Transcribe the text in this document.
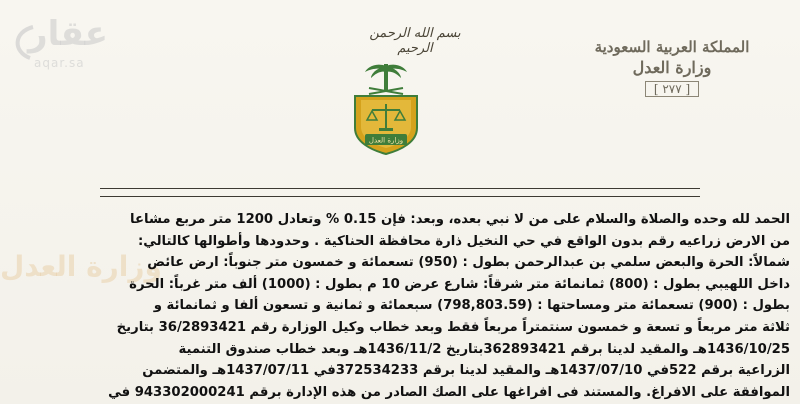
عقار
aqar.sa
بسم الله الرحمن الرحيم
وزارة العدل
المملكة العربية السعودية
وزارة العدل
[ ٢٧٧ ]
وزارة العدل
الحمد لله وحده والصلاة والسلام على من لا نبي بعده، وبعد: فإن 0.15 % وتعادل 1200 متر مربع مشاعا
من الارض زراعيه رقم بدون الواقع في حي النخيل ذارة محافظة الحناكية . وحدودها وأطوالها كالتالي:
شمالاً: الحرة والبعض سلمي بن عبدالرحمن بطول : (950) تسعمائة و خمسون متر جنوباً: ارض عائض
داخل اللهيبي بطول : (800) ثمانمائة متر شرقاً: شارع عرض 10 م بطول : (1000) ألف متر غرباً: الحرة
بطول : (900) تسعمائة متر ومساحتها : (798,803.59) سبعمائة و ثمانية و تسعون ألفا و ثمانمائة و
ثلاثة متر مربعاً و تسعة و خمسون سنتمتراً مربعاً فقط وبعد خطاب وكيل الوزارة رقم 36/2893421 بتاريخ
1436/10/25هـ والمقيد لدينا برقم 362893421بتاريخ 1436/11/2هـ وبعد خطاب صندوق التنمية
الزراعية برقم 522في 1437/07/10هـ والمقيد لدينا برقم 372534233في 1437/07/11هـ والمتضمن
الموافقة على الافراغ. والمستند فى افراغها على الصك الصادر من هذه الإدارة برقم 943302000241 في
